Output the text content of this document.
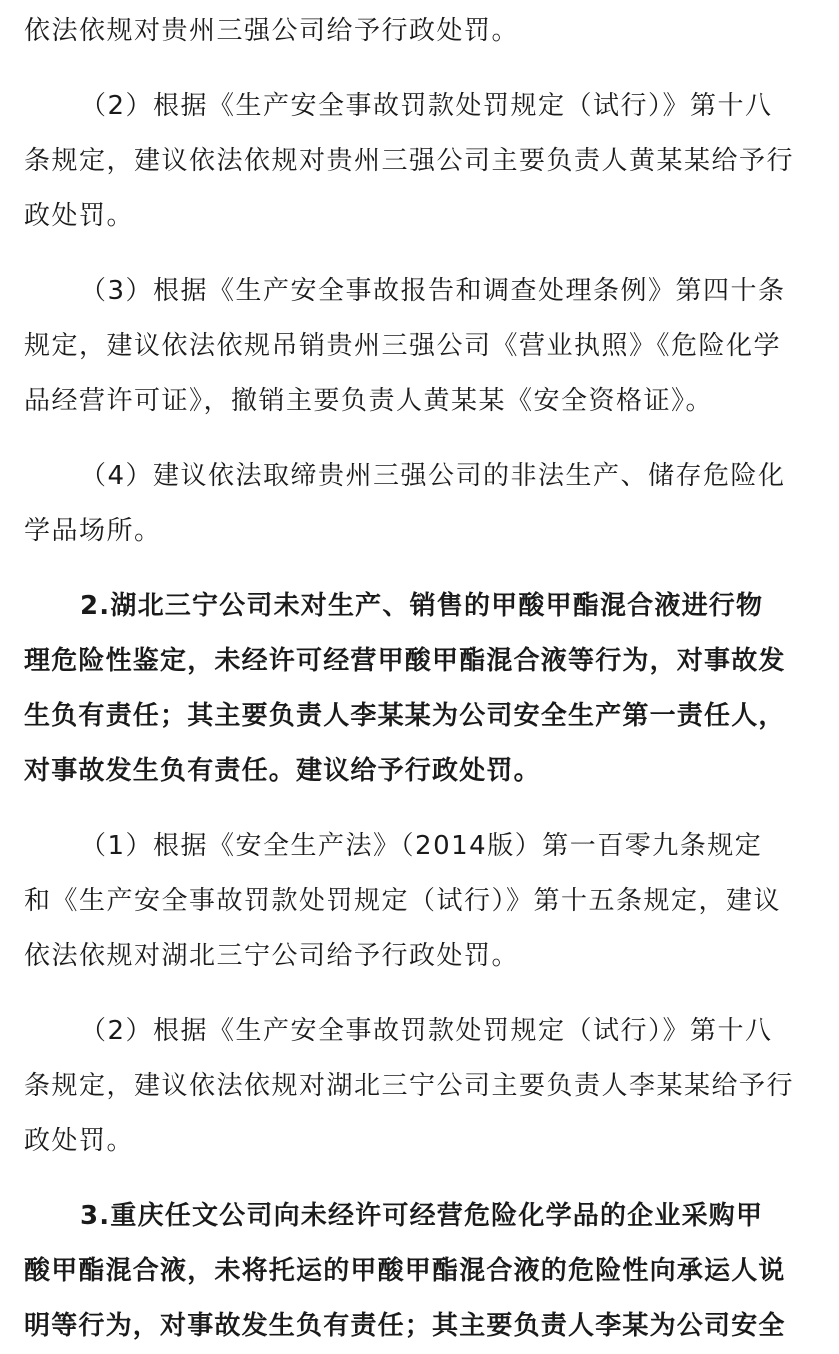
依法依规对贵州三强公司给予行政处罚。
（2）根据《生产安全事故罚款处罚规定（试行）》第十八
条规定，建议依法依规对贵州三强公司主要负责人黄某某给予行
政处罚。
（3）根据《生产安全事故报告和调查处理条例》第四十条
规定，建议依法依规吊销贵州三强公司《营业执照》《危险化学
品经营许可证》，撤销主要负责人黄某某《安全资格证》。
（4）建议依法取缔贵州三强公司的非法生产、储存危险化
学品场所。
2.湖北三宁公司未对生产、销售的甲酸甲酯混合液进行物
理危险性鉴定，未经许可经营甲酸甲酯混合液等行为，对事故发
生负有责任；其主要负责人李某某为公司安全生产第一责任人，
对事故发生负有责任。建议给予行政处罚。
（1）根据《安全生产法》（2014版）第一百零九条规定
和《生产安全事故罚款处罚规定（试行）》第十五条规定，建议
依法依规对湖北三宁公司给予行政处罚。
（2）根据《生产安全事故罚款处罚规定（试行）》第十八
条规定，建议依法依规对湖北三宁公司主要负责人李某某给予行
政处罚。
3.重庆任文公司向未经许可经营危险化学品的企业采购甲
酸甲酯混合液，未将托运的甲酸甲酯混合液的危险性向承运人说
明等行为，对事故发生负有责任；其主要负责人李某为公司安全
